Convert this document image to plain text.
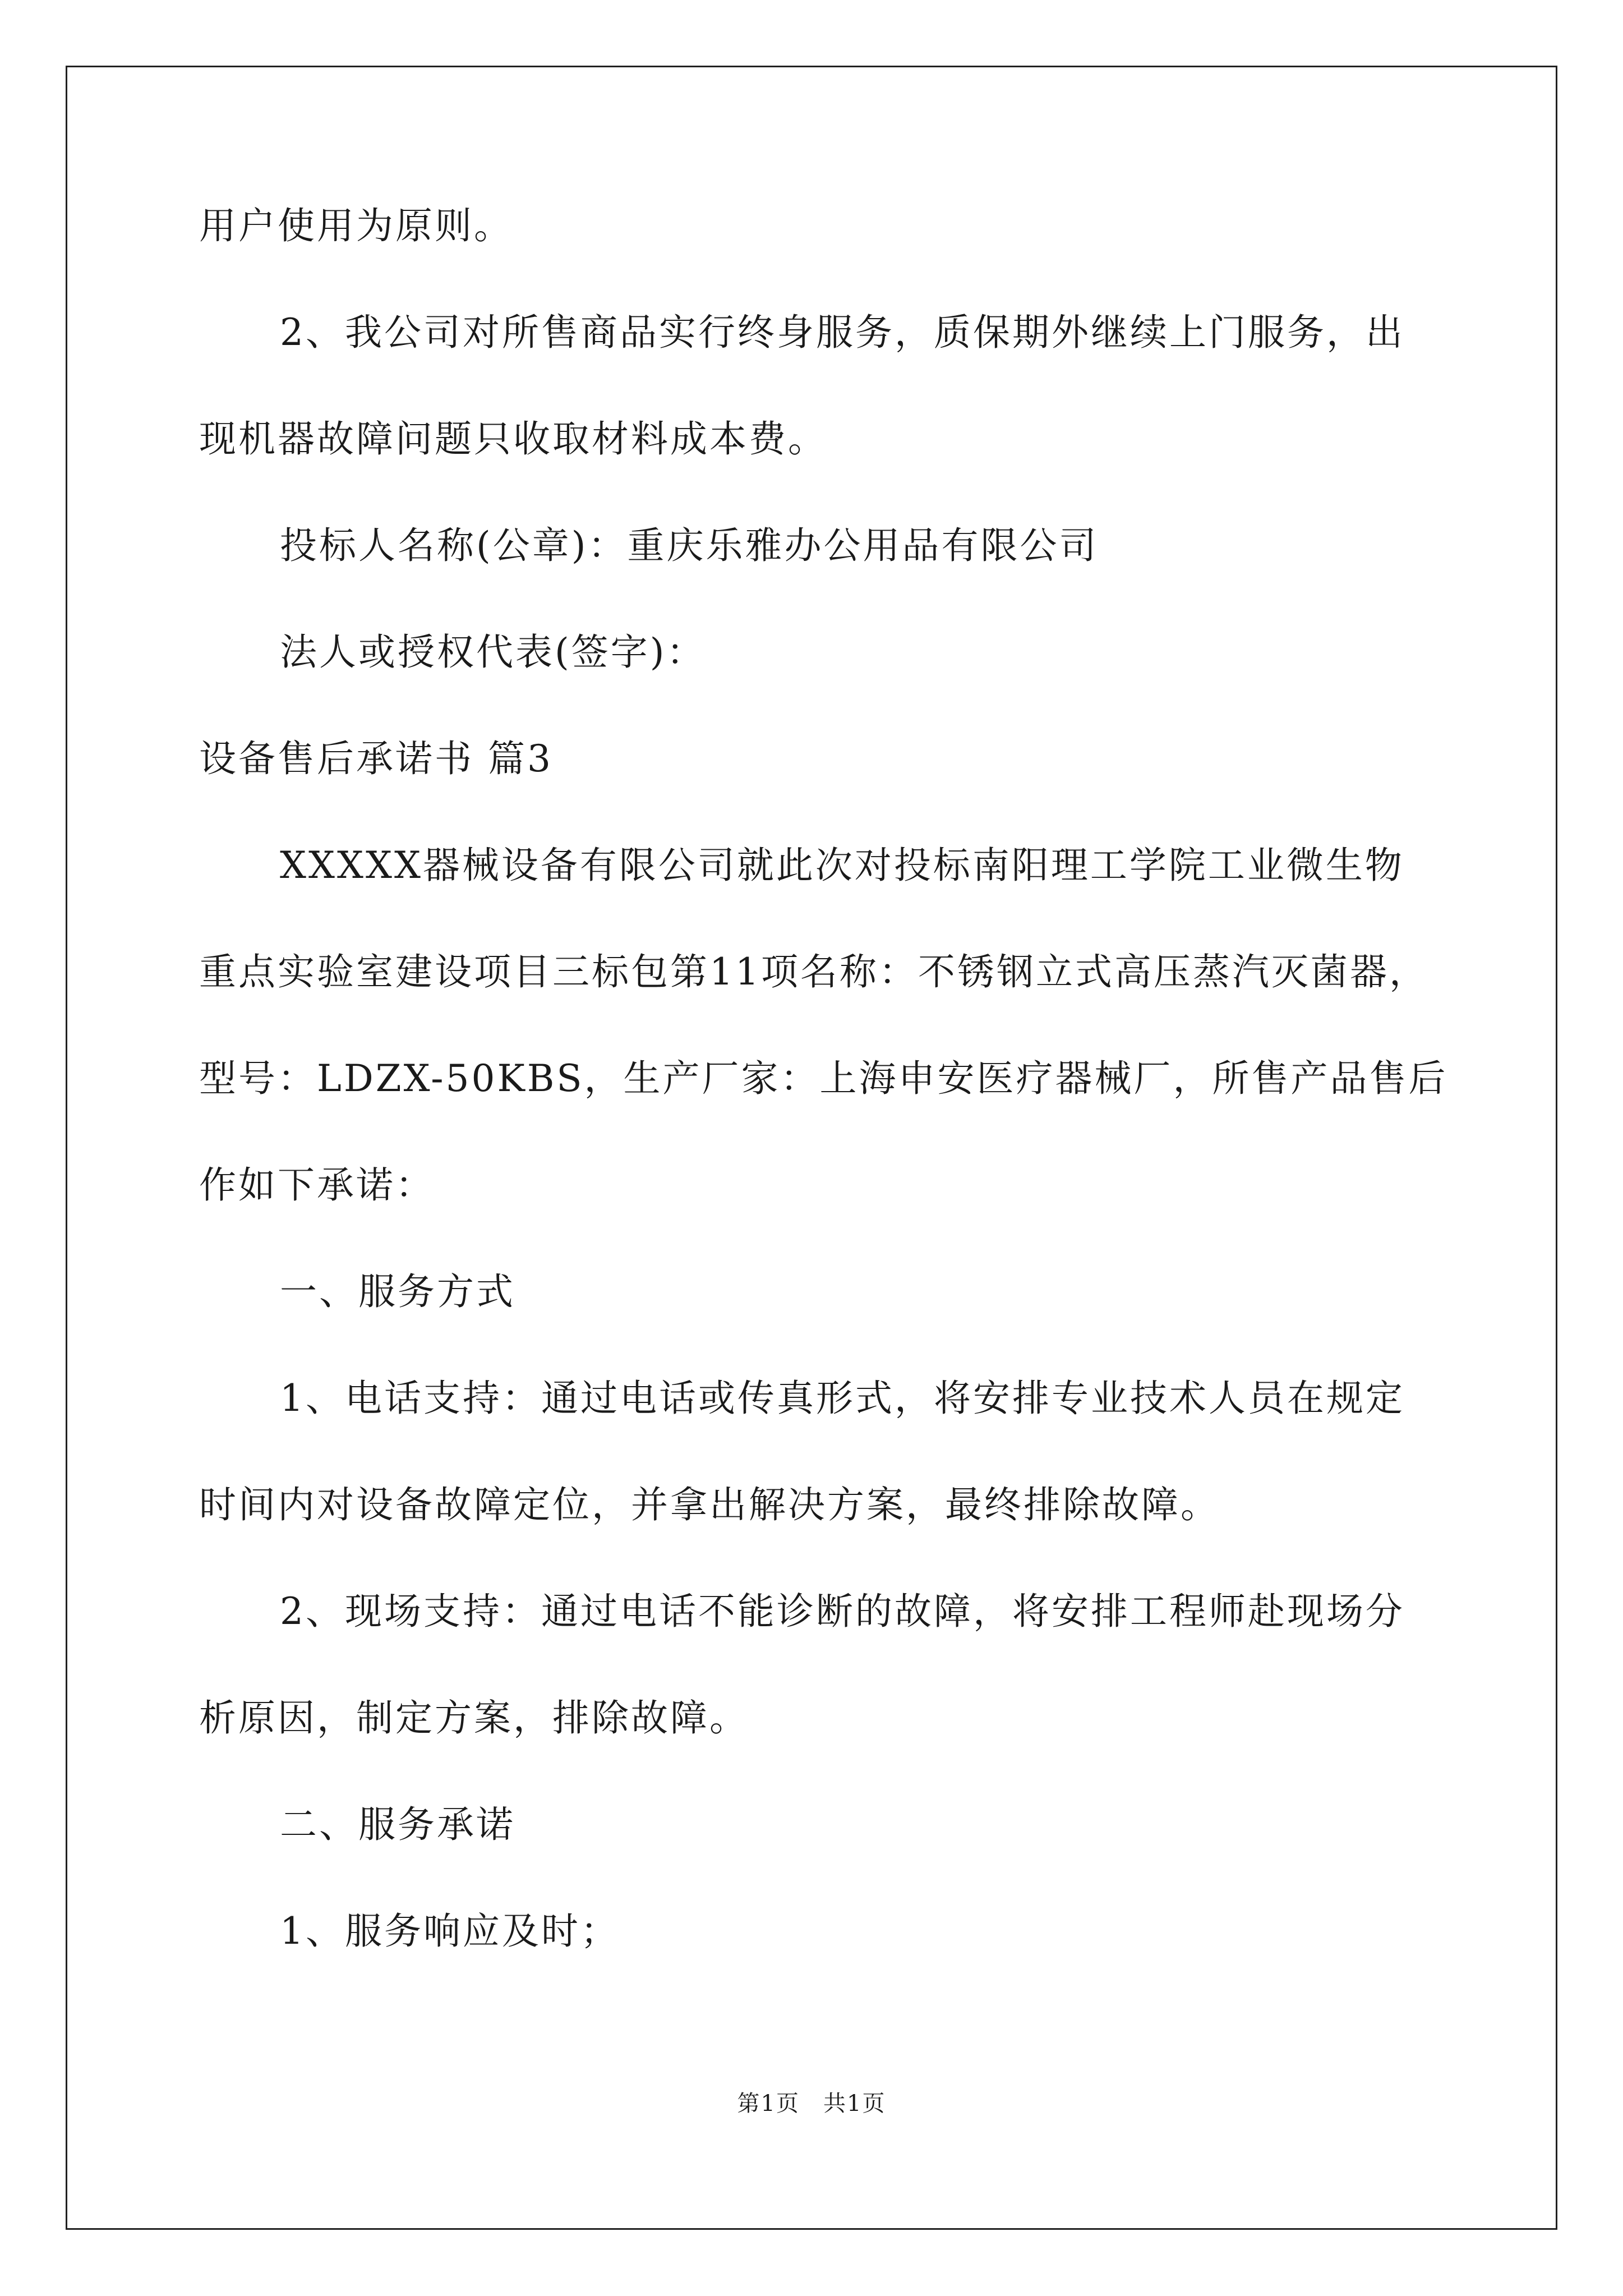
用户使用为原则。
2、我公司对所售商品实行终身服务，质保期外继续上门服务，出
现机器故障问题只收取材料成本费。
投标人名称(公章)：重庆乐雅办公用品有限公司
法人或授权代表(签字)：
设备售后承诺书 篇3
XXXXX器械设备有限公司就此次对投标南阳理工学院工业微生物
重点实验室建设项目三标包第11项名称：不锈钢立式高压蒸汽灭菌器，
型号：LDZX-50KBS，生产厂家：上海申安医疗器械厂，所售产品售后
作如下承诺：
一、服务方式
1、电话支持：通过电话或传真形式，将安排专业技术人员在规定
时间内对设备故障定位，并拿出解决方案，最终排除故障。
2、现场支持：通过电话不能诊断的故障，将安排工程师赴现场分
析原因，制定方案，排除故障。
二、服务承诺
1、服务响应及时；
第1页　共1页
